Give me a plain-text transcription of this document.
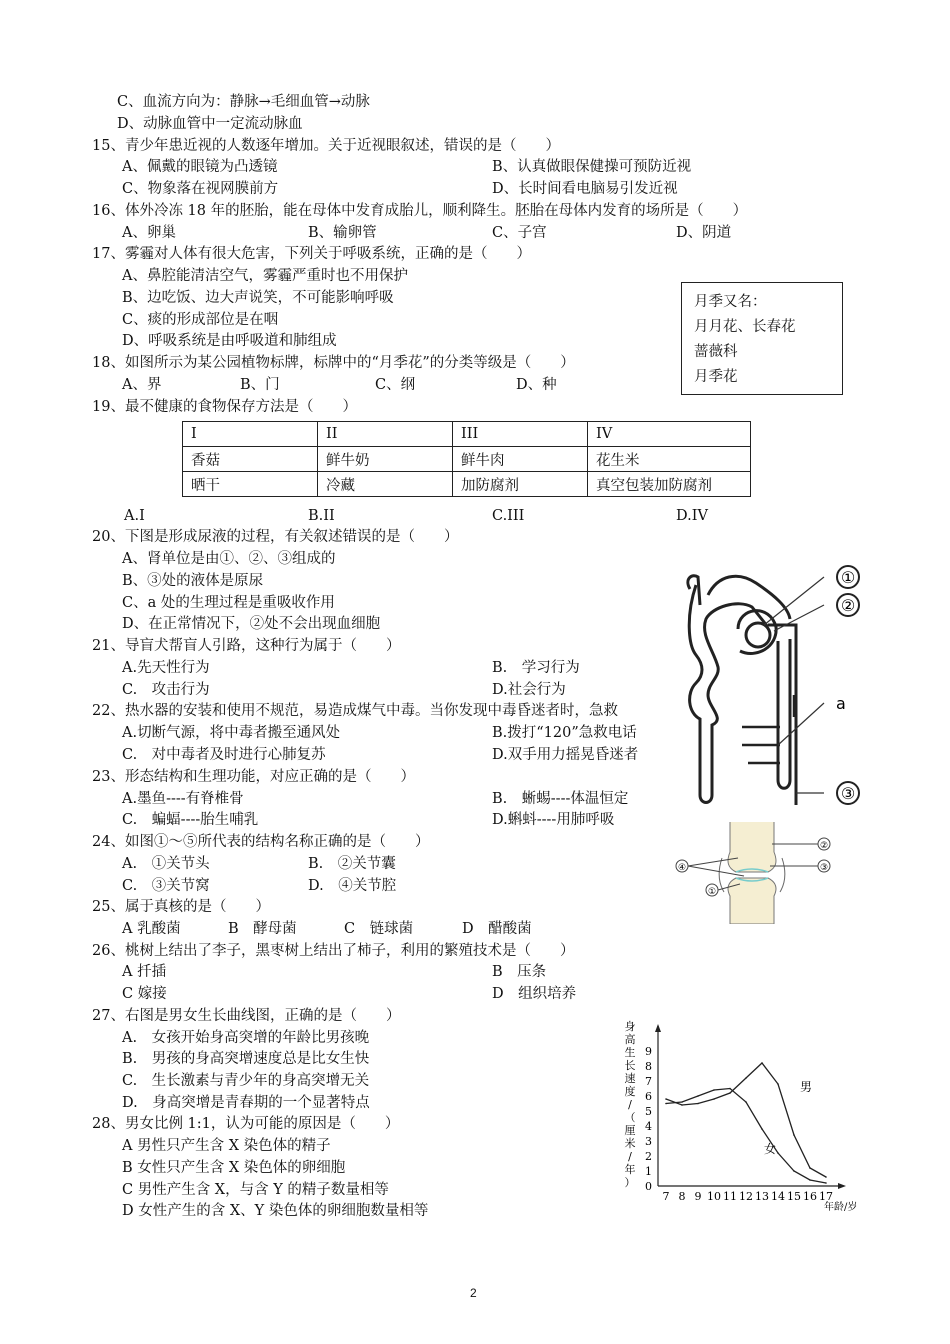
C、血流方向为：静脉→毛细血管→动脉
D、动脉血管中一定流动脉血
15、青少年患近视的人数逐年增加。关于近视眼叙述，错误的是（　　）
A、佩戴的眼镜为凸透镜	B、认真做眼保健操可预防近视
C、物象落在视网膜前方	D、长时间看电脑易引发近视
16、体外冷冻 18 年的胚胎，能在母体中发育成胎儿，顺利降生。胚胎在母体内发育的场所是（　　）
A、卵巢	B、输卵管	C、子宫	D、阴道
17、雾霾对人体有很大危害，下列关于呼吸系统，正确的是（　　）
A、鼻腔能清洁空气，雾霾严重时也不用保护
B、边吃饭、边大声说笑，不可能影响呼吸
C、痰的形成部位是在咽
D、呼吸系统是由呼吸道和肺组成
月季又名：
月月花、长春花
蔷薇科
月季花
18、如图所示为某公园植物标牌，标牌中的“月季花”的分类等级是（　　）
A、界	B、门	C、纲	D、种
19、最不健康的食物保存方法是（　　）
I	II	III	IV
香菇	鲜牛奶	鲜牛肉	花生米
晒干	冷藏	加防腐剂	真空包装加防腐剂
A.I	B.II	C.III	D.IV
20、下图是形成尿液的过程，有关叙述错误的是（　　）
A、肾单位是由①、②、③组成的
B、③处的液体是原尿
C、a 处的生理过程是重吸收作用
D、在正常情况下，②处不会出现血细胞
21、导盲犬帮盲人引路，这种行为属于（　　）
A.先天性行为	B.　学习行为
C.　攻击行为	D.社会行为
22、热水器的安装和使用不规范，易造成煤气中毒。当你发现中毒昏迷者时，急救
A.切断气源，将中毒者搬至通风处	B.拨打“120”急救电话
C.　对中毒者及时进行心肺复苏	D.双手用力摇晃昏迷者
23、形态结构和生理功能，对应正确的是（　　）
A.墨鱼----有脊椎骨	B.　蜥蜴----体温恒定
C.　蝙蝠----胎生哺乳	D.蝌蚪----用肺呼吸
24、如图①～⑤所代表的结构名称正确的是（　　）
A.　①关节头	B.　②关节囊
C.　③关节窝	D.　④关节腔
25、属于真核的是（　　）
A 乳酸菌	B　酵母菌	C　链球菌	D　醋酸菌
26、桃树上结出了李子，黑枣树上结出了柿子，利用的繁殖技术是（　　）
A 扦插	B　压条
C 嫁接	D　组织培养
27、右图是男女生长曲线图，正确的是（　　）
A.　女孩开始身高突增的年龄比男孩晚
B.　男孩的身高突增速度总是比女生快
C.　生长激素与青少年的身高突增无关
D.　身高突增是青春期的一个显著特点
28、男女比例 1:1，认为可能的原因是（　　）
A 男性只产生含 X 染色体的精子
B 女性只产生含 X 染色体的卵细胞
C 男性产生含 X，与含 Y 的精子数量相等
D 女性产生的含 X、Y 染色体的卵细胞数量相等
①
②
a
③
②
③
④
①
身
高
生
长
速
度
/
（
厘
米
/
年
） 0
1
2
3
4
5
6
7
8
9
7 8 9 10 11 12 13 14 15 16 17
男
女
年龄/岁
2
